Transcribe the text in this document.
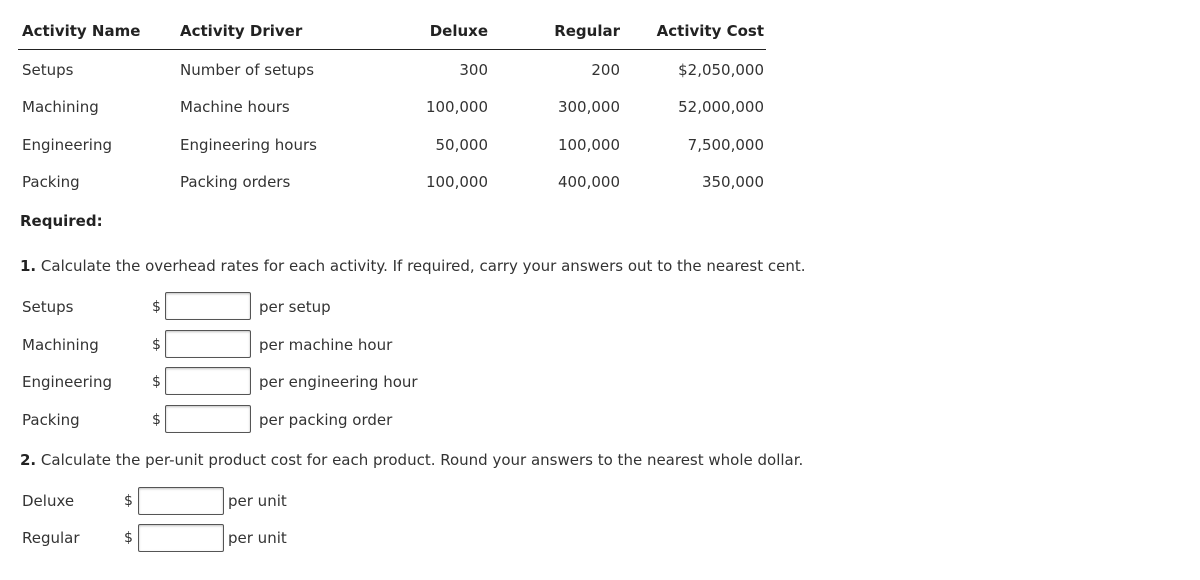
Activity Name	Activity Driver	Deluxe	Regular	Activity Cost
Setups	Number of setups	300	200	$2,050,000
Machining	Machine hours	100,000	300,000	52,000,000
Engineering	Engineering hours	50,000	100,000	7,500,000
Packing	Packing orders	100,000	400,000	350,000
Required:
1. Calculate the overhead rates for each activity. If required, carry your answers out to the nearest cent.
Setups	$	per setup
Machining	$	per machine hour
Engineering	$	per engineering hour
Packing	$	per packing order
2. Calculate the per-unit product cost for each product. Round your answers to the nearest whole dollar.
Deluxe	$	per unit
Regular	$	per unit
